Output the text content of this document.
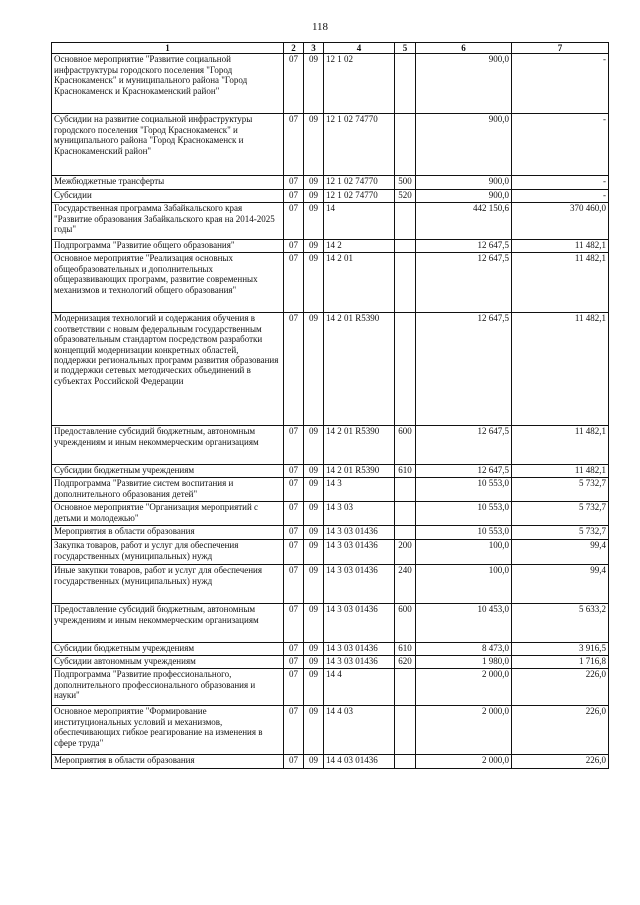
118
1	2	3	4	5	6	7
Основное мероприятие "Развитие социальной инфраструктуры городского поселения "Город Краснокаменск" и муниципального района "Город Краснокаменск и Краснокаменский район"	07	09	12 1 02		900,0	-
Субсидии на развитие социальной инфраструктуры городского поселения "Город Краснокаменск" и муниципального района "Город Краснокаменск и Краснокаменский район"	07	09	12 1 02 74770		900,0	-
Межбюджетные трансферты	07	09	12 1 02 74770	500	900,0	-
Субсидии	07	09	12 1 02 74770	520	900,0	-
Государственная программа Забайкальского края "Развитие образования Забайкальского края на 2014-2025 годы"	07	09	14		442 150,6	370 460,0
Подпрограмма "Развитие общего образования"	07	09	14 2		12 647,5	11 482,1
Основное мероприятие "Реализация основных общеобразовательных и дополнительных общеразвивающих программ, развитие современных механизмов и технологий общего образования"	07	09	14 2 01		12 647,5	11 482,1
Модернизация технологий и содержания обучения в соответствии с новым федеральным государственным образовательным стандартом посредством разработки концепций модернизации конкретных областей, поддержки региональных программ развития образования и поддержки сетевых методических объединений в субъектах Российской Федерации	07	09	14 2 01 R5390		12 647,5	11 482,1
Предоставление субсидий бюджетным, автономным учреждениям и иным некоммерческим организациям	07	09	14 2 01 R5390	600	12 647,5	11 482,1
Субсидии бюджетным учреждениям	07	09	14 2 01 R5390	610	12 647,5	11 482,1
Подпрограмма "Развитие систем воспитания и дополнительного образования детей"	07	09	14 3		10 553,0	5 732,7
Основное мероприятие "Организация мероприятий с детьми и молодежью"	07	09	14 3 03		10 553,0	5 732,7
Мероприятия в области образования	07	09	14 3 03 01436		10 553,0	5 732,7
Закупка товаров, работ и услуг для обеспечения государственных (муниципальных) нужд	07	09	14 3 03 01436	200	100,0	99,4
Иные закупки товаров, работ и услуг для обеспечения государственных (муниципальных) нужд	07	09	14 3 03 01436	240	100,0	99,4
Предоставление субсидий бюджетным, автономным учреждениям и иным некоммерческим организациям	07	09	14 3 03 01436	600	10 453,0	5 633,2
Субсидии бюджетным учреждениям	07	09	14 3 03 01436	610	8 473,0	3 916,5
Субсидии автономным учреждениям	07	09	14 3 03 01436	620	1 980,0	1 716,8
Подпрограмма "Развитие профессионального, дополнительного профессионального образования и науки"	07	09	14 4		2 000,0	226,0
Основное мероприятие "Формирование институциональных условий и механизмов, обеспечивающих гибкое реагирование на изменения в сфере труда"	07	09	14 4 03		2 000,0	226,0
Мероприятия в области образования	07	09	14 4 03 01436		2 000,0	226,0
